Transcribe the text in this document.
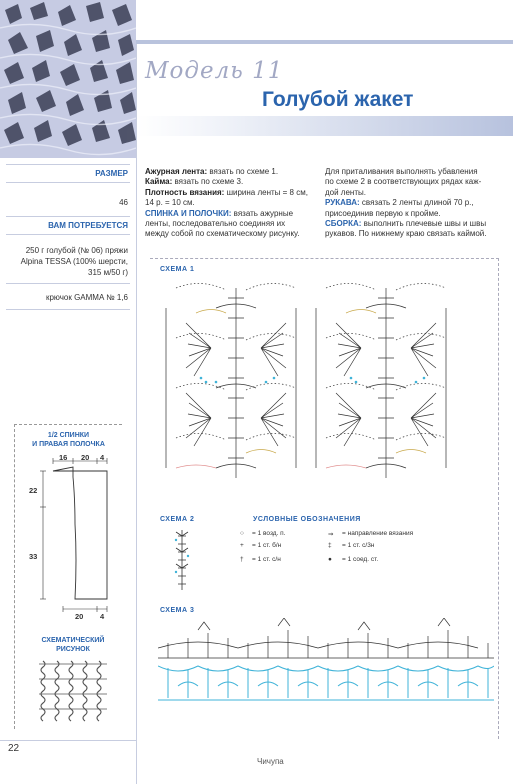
Модель 11
Голубой жакет
РАЗМЕР
46
ВАМ ПОТРЕБУЕТСЯ
250 г голубой (№ 06) пряжи
Alpina TESSA (100% шерсти,
315 м/50 г)
крючок GAMMA № 1,6
1/2 СПИНКИ
И ПРАВАЯ ПОЛОЧКА
16 20 4
22
33
20 4
СХЕМАТИЧЕСКИЙ
РИСУНОК
Ажурная лента: вязать по схеме 1.
Кайма: вязать по схеме 3.
Плотность вязания: ширина ленты = 8 см,
14 р. = 10 см.
СПИНКА И ПОЛОЧКИ: вязать ажурные
ленты, последовательно соединяя их
между собой по схематическому рисунку.
Для приталивания выполнять убавления
по схеме 2 в соответствующих рядах каж-
дой ленты.
РУКАВА: связать 2 ленты длиной 70 р.,
присоединив первую к пройме.
СБОРКА: выполнить плечевые швы и швы
рукавов. По нижнему краю связать каймой.
СХЕМА 1
СХЕМА 2	УСЛОВНЫЕ ОБОЗНАЧЕНИЯ
○ = 1 возд. п.
+ = 1 ст. б/н
† = 1 ст. с/н
⇒ = направление вязания
‡ = 1 ст. с/3н
● = 1 соед. ст.
СХЕМА 3
22
Чичупа
